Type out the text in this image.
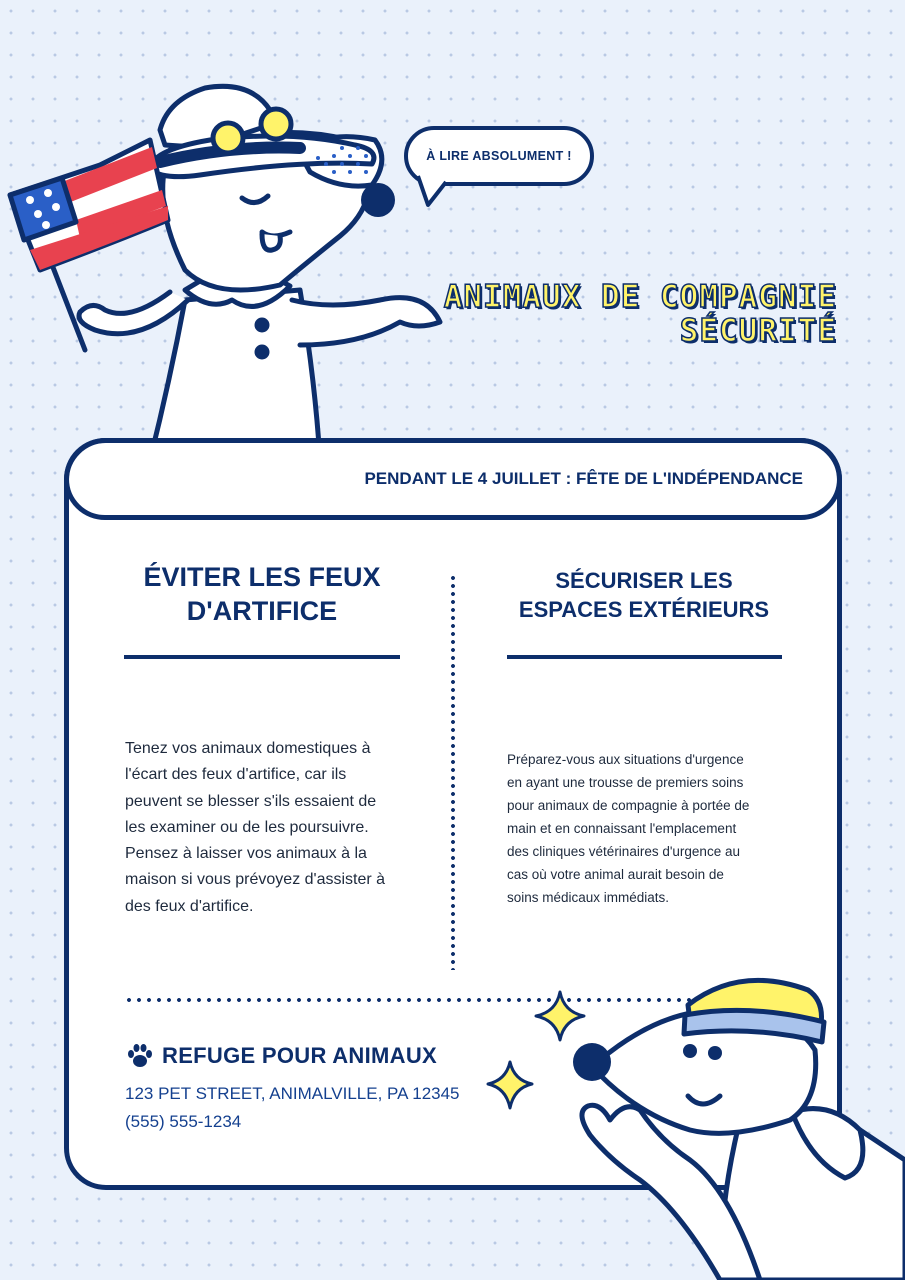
À LIRE ABSOLUMENT !
ANIMAUX DE COMPAGNIE
SÉCURITÉ
PENDANT LE 4 JUILLET : FÊTE DE L'INDÉPENDANCE
ÉVITER LES FEUX
D'ARTIFICE
Tenez vos animaux domestiques à
l'écart des feux d'artifice, car ils
peuvent se blesser s'ils essaient de
les examiner ou de les poursuivre.
Pensez à laisser vos animaux à la
maison si vous prévoyez d'assister à
des feux d'artifice.
SÉCURISER LES
ESPACES EXTÉRIEURS
Préparez-vous aux situations d'urgence
en ayant une trousse de premiers soins
pour animaux de compagnie à portée de
main et en connaissant l'emplacement
des cliniques vétérinaires d'urgence au
cas où votre animal aurait besoin de
soins médicaux immédiats.
REFUGE POUR ANIMAUX
123 PET STREET, ANIMALVILLE, PA 12345
(555) 555-1234
